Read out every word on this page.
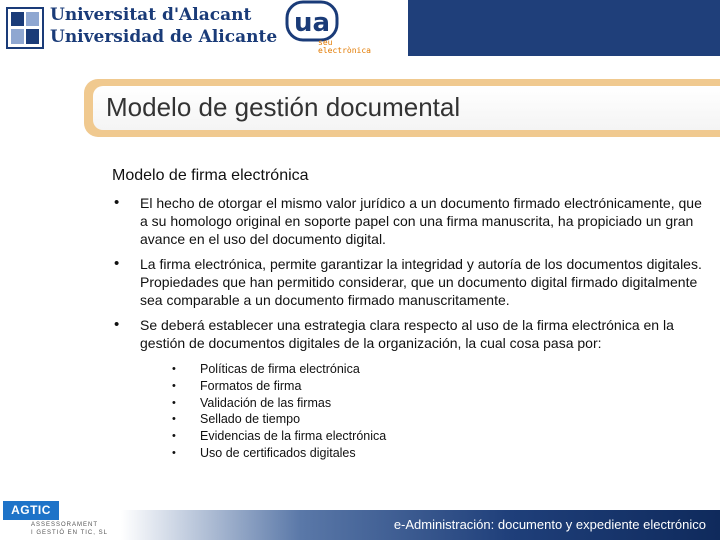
Universitat d'Alacant
Universidad de Alicante ua
seu
electrònica
Modelo de gestión documental
Modelo de firma electrónica
• El hecho de otorgar el mismo valor jurídico a un documento firmado electrónicamente, que a su homologo original en soporte papel con una firma manuscrita, ha propiciado un gran avance en el uso del documento digital.
• La firma electrónica, permite garantizar la integridad y autoría de los documentos digitales. Propiedades que han permitido considerar, que un documento digital firmado digitalmente sea comparable a un documento firmado manuscritamente.
• Se deberá establecer una estrategia clara respecto al uso de la firma electrónica en la gestión de documentos digitales de la organización, la cual cosa pasa por:
• Políticas de firma electrónica
• Formatos de firma
• Validación de las firmas
• Sellado de tiempo
• Evidencias de la firma electrónica
• Uso de certificados digitales
AGTIC
ASSESSORAMENT
I GESTIÓ EN TIC, SL
e-Administración: documento y expediente electrónico
